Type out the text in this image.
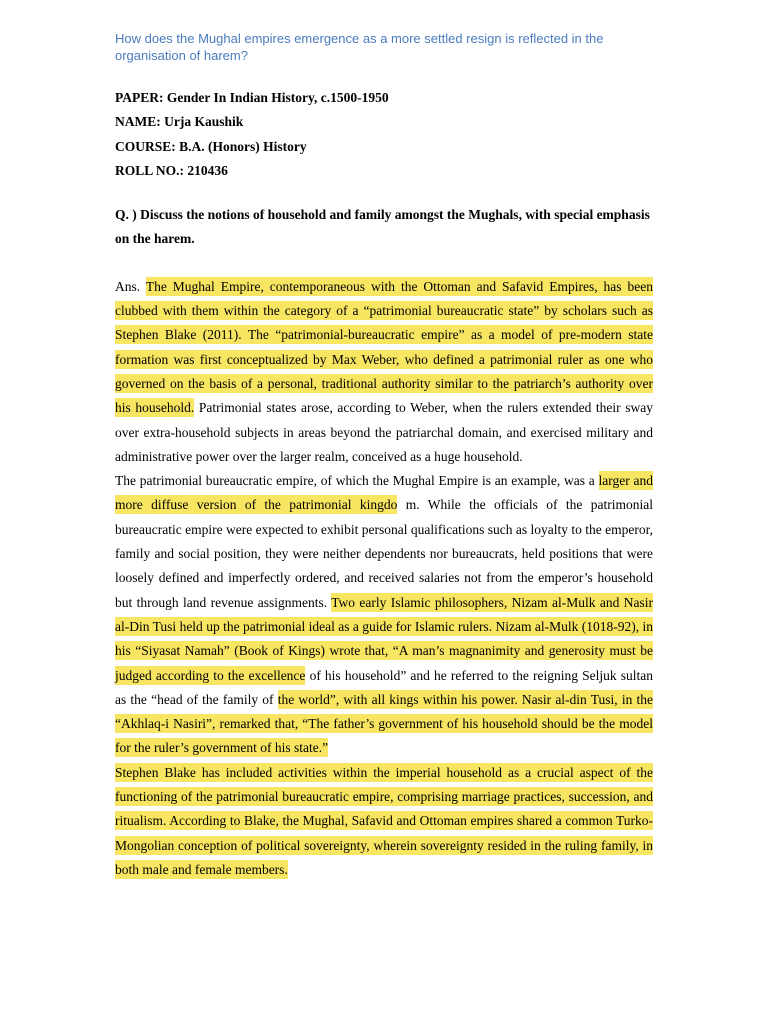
How does the Mughal empires emergence as a more settled resign is reflected in the organisation of harem?

PAPER: Gender In Indian History, c.1500-1950
NAME: Urja Kaushik
COURSE: B.A. (Honors) History
ROLL NO.: 210436

Q. ) Discuss the notions of household and family amongst the Mughals, with special emphasis on the harem.

Ans. The Mughal Empire, contemporaneous with the Ottoman and Safavid Empires, has been clubbed with them within the category of a “patrimonial bureaucratic state” by scholars such as Stephen Blake (2011). The “patrimonial-bureaucratic empire” as a model of pre-modern state formation was first conceptualized by Max Weber, who defined a patrimonial ruler as one who governed on the basis of a personal, traditional authority similar to the patriarch’s authority over his household. Patrimonial states arose, according to Weber, when the rulers extended their sway over extra-household subjects in areas beyond the patriarchal domain, and exercised military and administrative power over the larger realm, conceived as a huge household.

The patrimonial bureaucratic empire, of which the Mughal Empire is an example, was a larger and more diffuse version of the patrimonial kingdo m. While the officials of the patrimonial bureaucratic empire were expected to exhibit personal qualifications such as loyalty to the emperor, family and social position, they were neither dependents nor bureaucrats, held positions that were loosely defined and imperfectly ordered, and received salaries not from the emperor’s household but through land revenue assignments. Two early Islamic philosophers, Nizam al-Mulk and Nasir al-Din Tusi held up the patrimonial ideal as a guide for Islamic rulers. Nizam al-Mulk (1018-92), in his “Siyasat Namah” (Book of Kings) wrote that, “A man’s magnanimity and generosity must be judged according to the excellence of his household” and he referred to the reigning Seljuk sultan as the “head of the family of the world”, with all kings within his power. Nasir al-din Tusi, in the “Akhlaq-i Nasiri”, remarked that, “The father’s government of his household should be the model for the ruler’s government of his state.”

Stephen Blake has included activities within the imperial household as a crucial aspect of the functioning of the patrimonial bureaucratic empire, comprising marriage practices, succession, and ritualism. According to Blake, the Mughal, Safavid and Ottoman empires shared a common Turko-Mongolian conception of political sovereignty, wherein sovereignty resided in the ruling family, in both male and female members.
